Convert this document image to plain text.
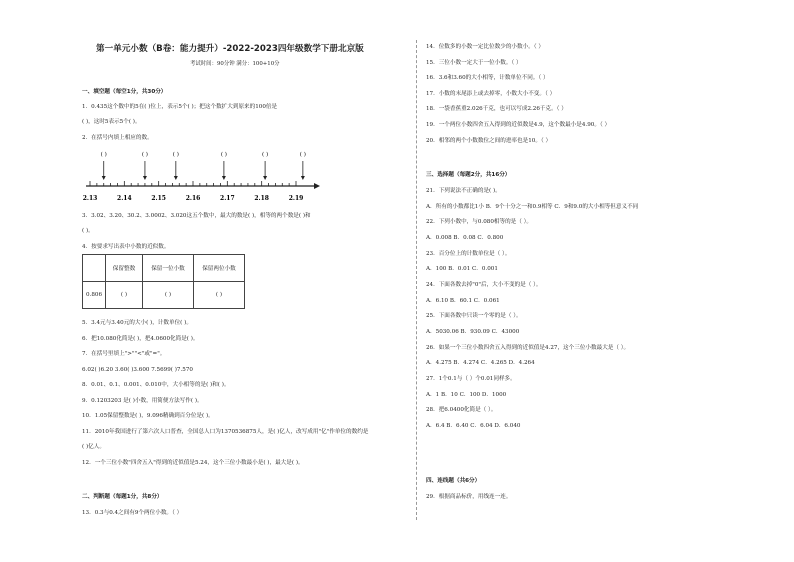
第一单元小数（B卷：能力提升）-2022-2023四年级数学下册北京版
考试时间：90分钟 满分：100+10分
一、填空题（每空1分，共30分）
1．0.435这个数中的5在( )位上，表示5个( )；把这个数扩大到原来的100倍是
( )，这时5表示5个( )。
2．在括号内填上相应的数。
3．3.02、3.20、30.2、3.0002、3.020这五个数中，最大的数是( )，相等的两个数是( )和
( )。
4．按要求写出表中小数的近似数。
5．3.4元与3.40元的大小( )，计数单位( )。
6．把10.080化简是( )，把4.0600化简是( )。
7．在括号里填上">""<"或"="。
6.02( )6.20 3.60( )3.600 7.5699( )7.570
8．0.01、0.1、0.001、0.010中，大小相等的是( )和( )。
9．0.1203203 是( )小数，用简便方法写作( )。
10．1.05保留整数是( )，9.096精确到百分位是( )。
11．2010年我国进行了第六次人口普查，全国总人口为1370536875人，是( )亿人，改写成用"亿"作单位的数约是
( )亿人。
12．一个三位小数"四舍五入"得到的近似值是5.24，这个三位小数最小是( )，最大是( )。
二、判断题（每题1分，共8分）
13．0.3与0.4之间有9个两位小数。（ ）
14．位数多的小数一定比位数少的小数小。（ ）
15．三位小数一定大于一位小数。（ ）
16．3.6和3.60的大小相等，计数单位不同。（ ）
17．小数的末尾添上或去掉零，小数大小不变。（ ）
18．一袋香蕉重2.026千克，也可以写成2.26千克。（ ）
19．一个两位小数四舍五入得到的近似数是4.9，这个数最小是4.90。（ ）
20．相邻的两个小数数位之间的进率也是10。（ ）
三、选择题（每题2分，共16分）
21．下列说法不正确的是( )。
A．所有的小数都比1小 B．9个十分之一和0.9相等 C．9和9.0的大小相等但意义不同
22．下列小数中，与0.080相等的是（ ）。
A．0.008 B．0.08 C．0.800
23．百分位上的计数单位是（ ）。
A．100 B．0.01 C．0.001
24．下面各数去掉"0"后，大小不变的是（ ）。
A．6.10 B．60.1 C．0.061
25．下面各数中只读一个零的是（ ）。
A．5030.06 B．930.09 C．43000
26．如果一个三位小数四舍五入得到的近似值是4.27，这个三位小数最大是（ ）。
A．4.275 B．4.274 C．4.265 D．4.264
27．1个0.1与（ ）个0.01同样多。
A．1 B．10 C．100 D．1000
28．把6.0400化简是（ ）。
A．6.4 B．6.40 C．6.04 D．6.040
四、连线题（共6分）
29．根据商品标价，用线连一连。
( )	( )	( )	( )	( )	( )
2.13	2.14	2.15	2.16	2.17	2.18	2.19
	保留整数	保留一位小数	保留两位小数
0.806	( )	( )	( )
